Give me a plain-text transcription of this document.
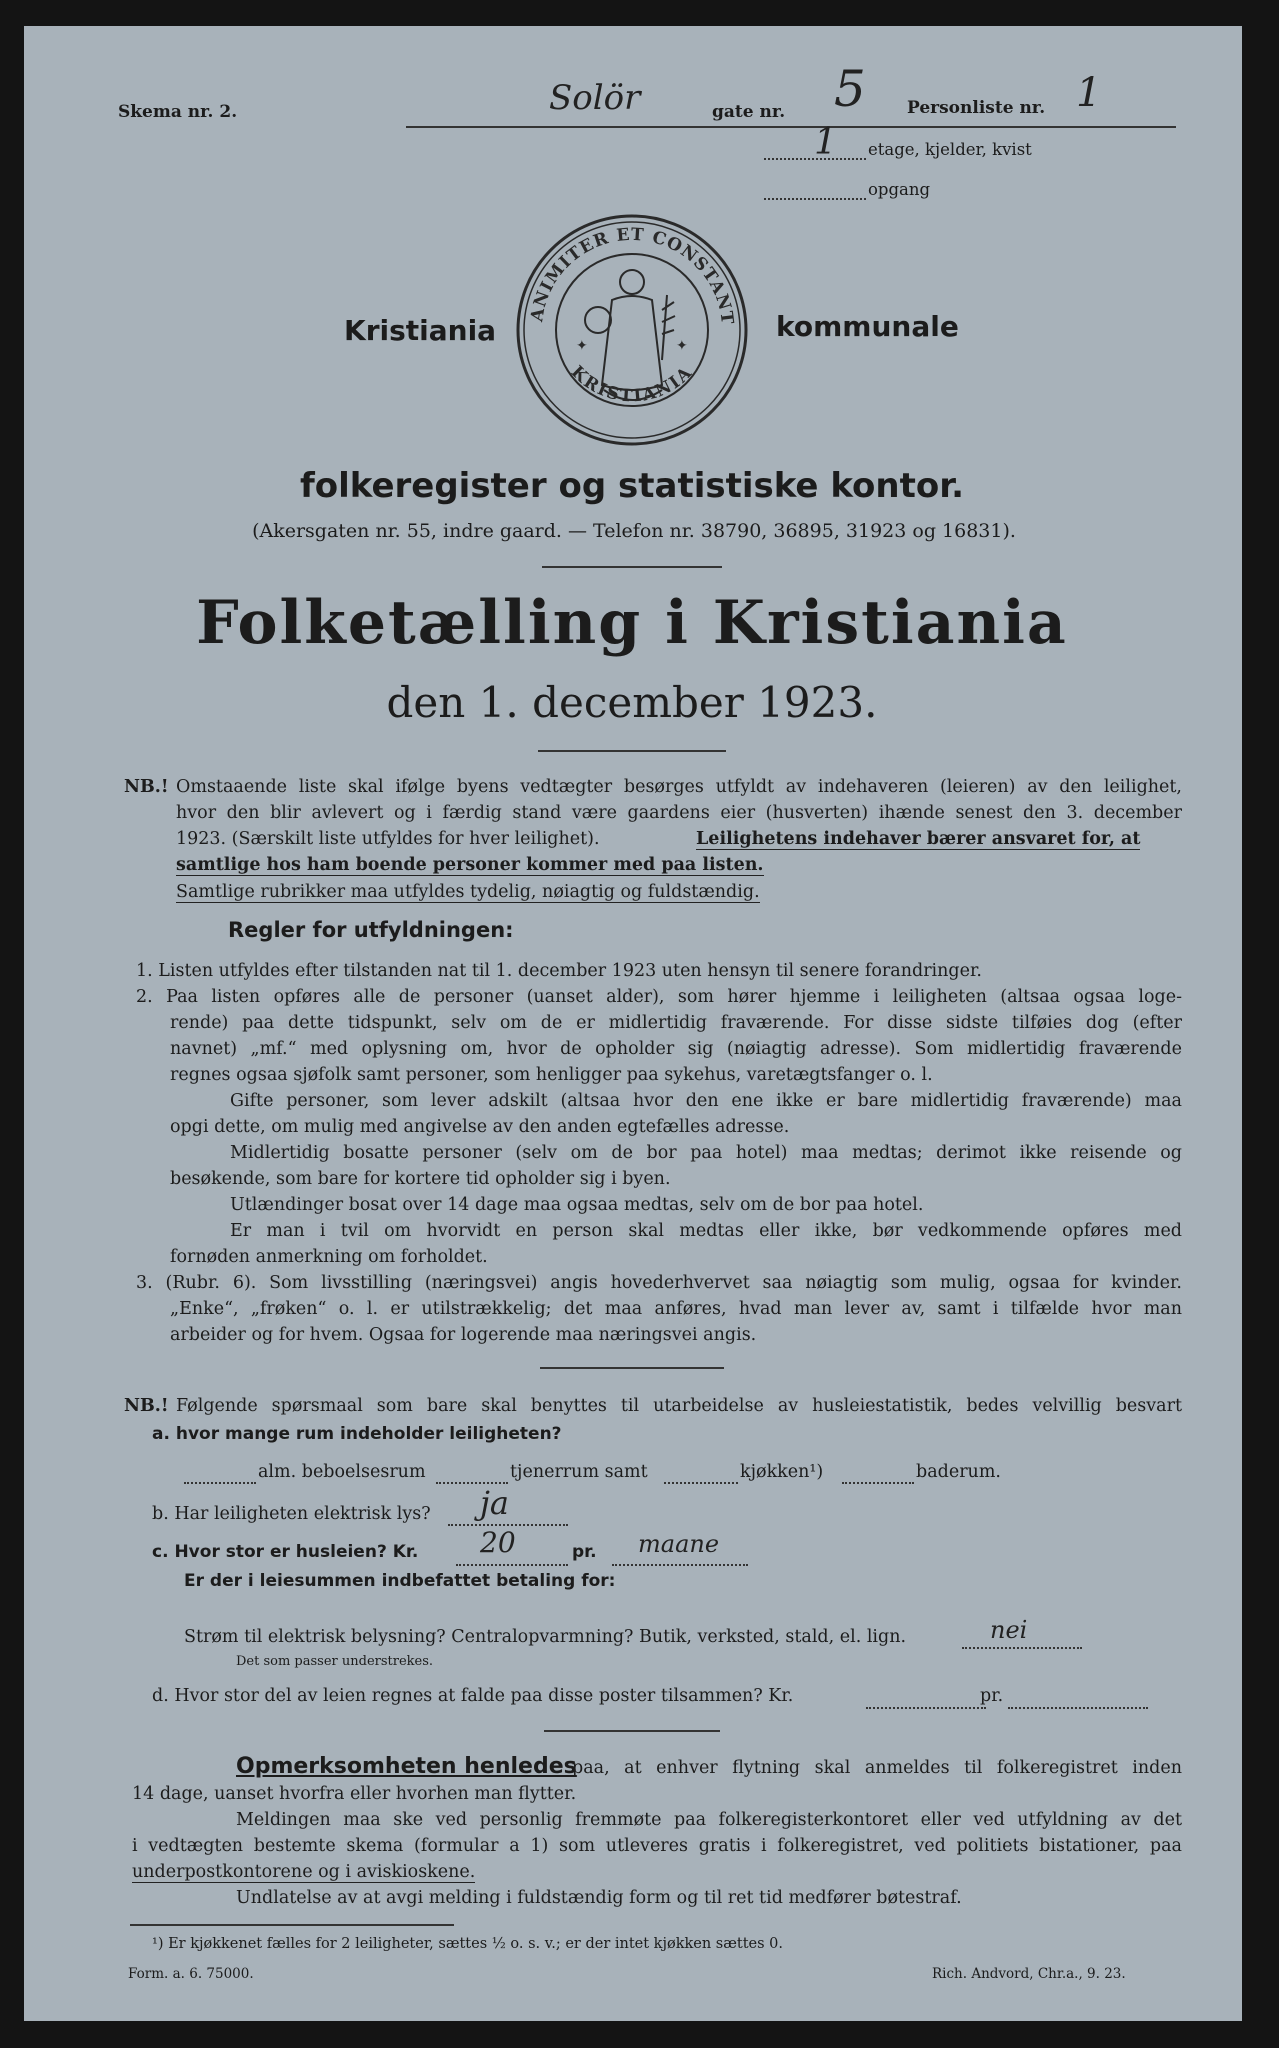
Skema nr. 2.	Solör	gate nr. 5 Personliste nr. 1
1 etage, kjelder, kvist
opgang
Kristiania	kommunale
ANIMITER ET CONSTANT
KRISTIANIA
✦	✦
folkeregister og statistiske kontor.
(Akersgaten nr. 55, indre gaard. — Telefon nr. 38790, 36895, 31923 og 16831).
Folketælling i Kristiania
den 1. december 1923.
NB.! Omstaaende liste skal ifølge byens vedtægter besørges utfyldt av indehaveren (leieren) av den leilighet,

hvor den blir avlevert og i færdig stand være gaardens eier (husverten) ihænde senest den 3. december

1923. (Særskilt liste utfyldes for hver leilighet).	Leilighetens indehaver bærer ansvaret for, at

samtlige hos ham boende personer kommer med paa listen.

Samtlige rubrikker maa utfyldes tydelig, nøiagtig og fuldstændig.

Regler for utfyldningen:

1. Listen utfyldes efter tilstanden nat til 1. december 1923 uten hensyn til senere forandringer.

2. Paa listen opføres alle de personer (uanset alder), som hører hjemme i leiligheten (altsaa ogsaa loge-

rende) paa dette tidspunkt, selv om de er midlertidig fraværende. For disse sidste tilføies dog (efter

navnet) „mf.“ med oplysning om, hvor de opholder sig (nøiagtig adresse). Som midlertidig fraværende

regnes ogsaa sjøfolk samt personer, som henligger paa sykehus, varetægtsfanger o. l.

Gifte personer, som lever adskilt (altsaa hvor den ene ikke er bare midlertidig fraværende) maa

opgi dette, om mulig med angivelse av den anden egtefælles adresse.

Midlertidig bosatte personer (selv om de bor paa hotel) maa medtas; derimot ikke reisende og

besøkende, som bare for kortere tid opholder sig i byen.

Utlændinger bosat over 14 dage maa ogsaa medtas, selv om de bor paa hotel.

Er man i tvil om hvorvidt en person skal medtas eller ikke, bør vedkommende opføres med

fornøden anmerkning om forholdet.

3. (Rubr. 6). Som livsstilling (næringsvei) angis hovederhvervet saa nøiagtig som mulig, ogsaa for kvinder.

„Enke“, „frøken“ o. l. er utilstrækkelig; det maa anføres, hvad man lever av, samt i tilfælde hvor man

arbeider og for hvem. Ogsaa for logerende maa næringsvei angis.

NB.! Følgende spørsmaal som bare skal benyttes til utarbeidelse av husleiestatistik, bedes velvillig besvart

a. hvor mange rum indeholder leiligheten?

alm. beboelsesrum	tjenerrum samt	kjøkken¹)	baderum.

b. Har leiligheten elektrisk lys? ja

c. Hvor stor er husleien? Kr. 20	pr. maane

Er der i leiesummen indbefattet betaling for:

Strøm til elektrisk belysning? Centralopvarmning? Butik, verksted, stald, el. lign.	nei

Det som passer understrekes.

d. Hvor stor del av leien regnes at falde paa disse poster tilsammen? Kr.	pr.

Opmerksomheten henledes

paa, at enhver flytning skal anmeldes til folkeregistret inden

14 dage, uanset hvorfra eller hvorhen man flytter.

Meldingen maa ske ved personlig fremmøte paa folkeregisterkontoret eller ved utfyldning av det

i vedtægten bestemte skema (formular a 1) som utleveres gratis i folkeregistret, ved politiets bistationer, paa

underpostkontorene og i aviskioskene.

Undlatelse av at avgi melding i fuldstændig form og til ret tid medfører bøtestraf.

¹) Er kjøkkenet fælles for 2 leiligheter, sættes ½ o. s. v.; er der intet kjøkken sættes 0.

Form. a. 6. 75000.	Rich. Andvord, Chr.a., 9. 23.
